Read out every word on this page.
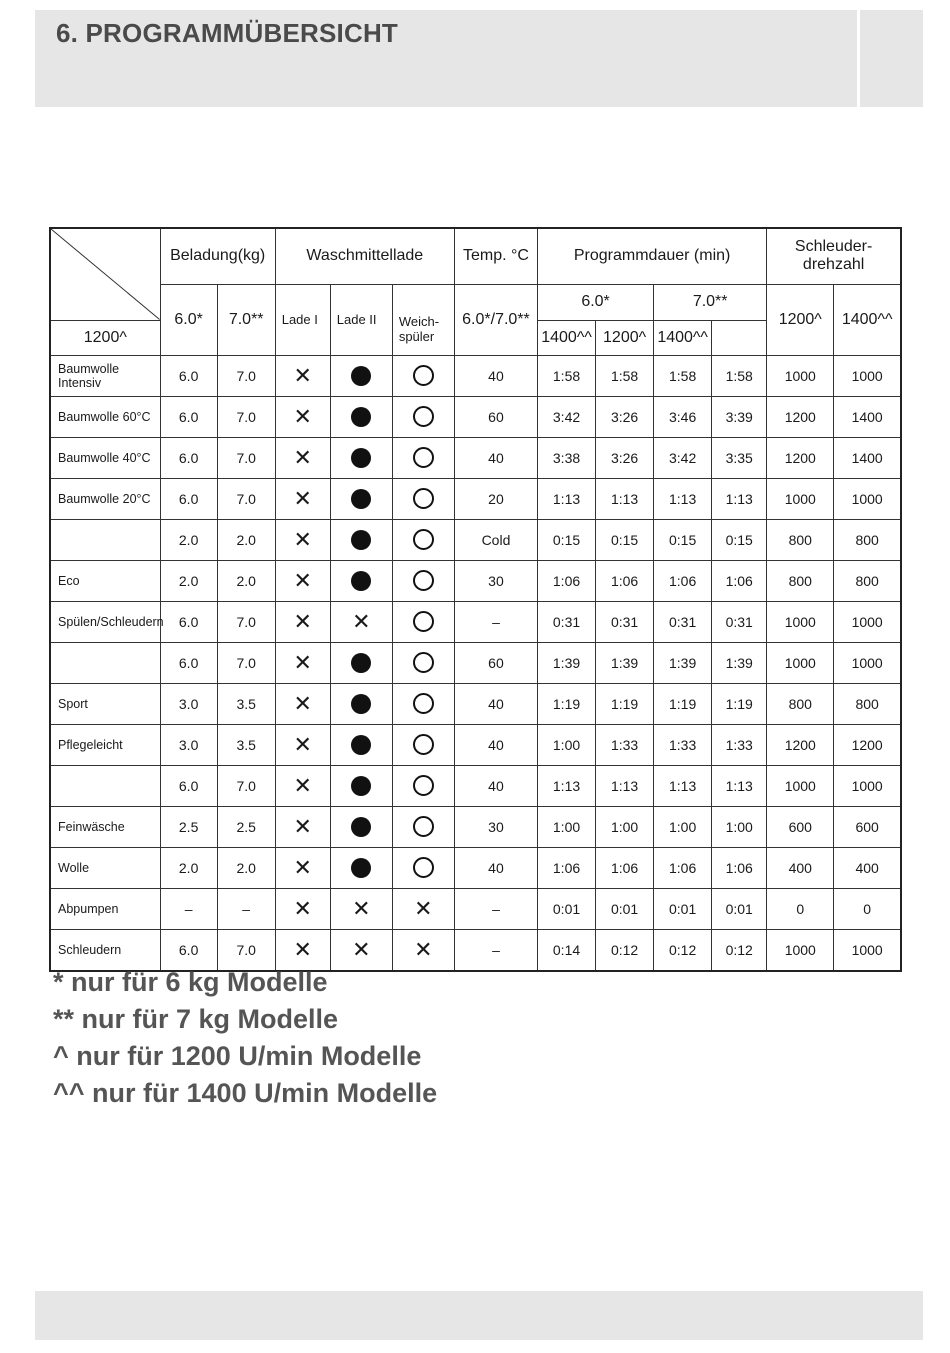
6. PROGRAMMÜBERSICHT
	Beladung(kg)		Waschmittellade			Temp. °C	Programmdauer (min)				Schleuder-
drehzahl	
	6.0*	7.0**	Lade I	Lade II	Weich-
spüler	6.0*/7.0**	6.0*		7.0**		1200^	1400^^
1200^							1400^^	1200^	1400^^			
Baumwolle Intensiv	6.0	7.0	✕			40	1:58	1:58	1:58	1:58	1000	1000
Baumwolle 60°C	6.0	7.0	✕			60	3:42	3:26	3:46	3:39	1200	1400
Baumwolle 40°C	6.0	7.0	✕			40	3:38	3:26	3:42	3:35	1200	1400
Baumwolle 20°C	6.0	7.0	✕			20	1:13	1:13	1:13	1:13	1000	1000
	2.0	2.0	✕			Cold	0:15	0:15	0:15	0:15	800	800
Eco	2.0	2.0	✕			30	1:06	1:06	1:06	1:06	800	800
Spülen/Schleudern	6.0	7.0	✕	✕		–	0:31	0:31	0:31	0:31	1000	1000
	6.0	7.0	✕			60	1:39	1:39	1:39	1:39	1000	1000
Sport	3.0	3.5	✕			40	1:19	1:19	1:19	1:19	800	800
Pflegeleicht	3.0	3.5	✕			40	1:00	1:33	1:33	1:33	1200	1200
	6.0	7.0	✕			40	1:13	1:13	1:13	1:13	1000	1000
Feinwäsche	2.5	2.5	✕			30	1:00	1:00	1:00	1:00	600	600
Wolle	2.0	2.0	✕			40	1:06	1:06	1:06	1:06	400	400
Abpumpen	–	–	✕	✕	✕	–	0:01	0:01	0:01	0:01	0	0
Schleudern	6.0	7.0	✕	✕	✕	–	0:14	0:12	0:12	0:12	1000	1000
* nur für 6 kg Modelle
** nur für 7 kg Modelle
^ nur für 1200 U/min Modelle
^^ nur für 1400 U/min Modelle
